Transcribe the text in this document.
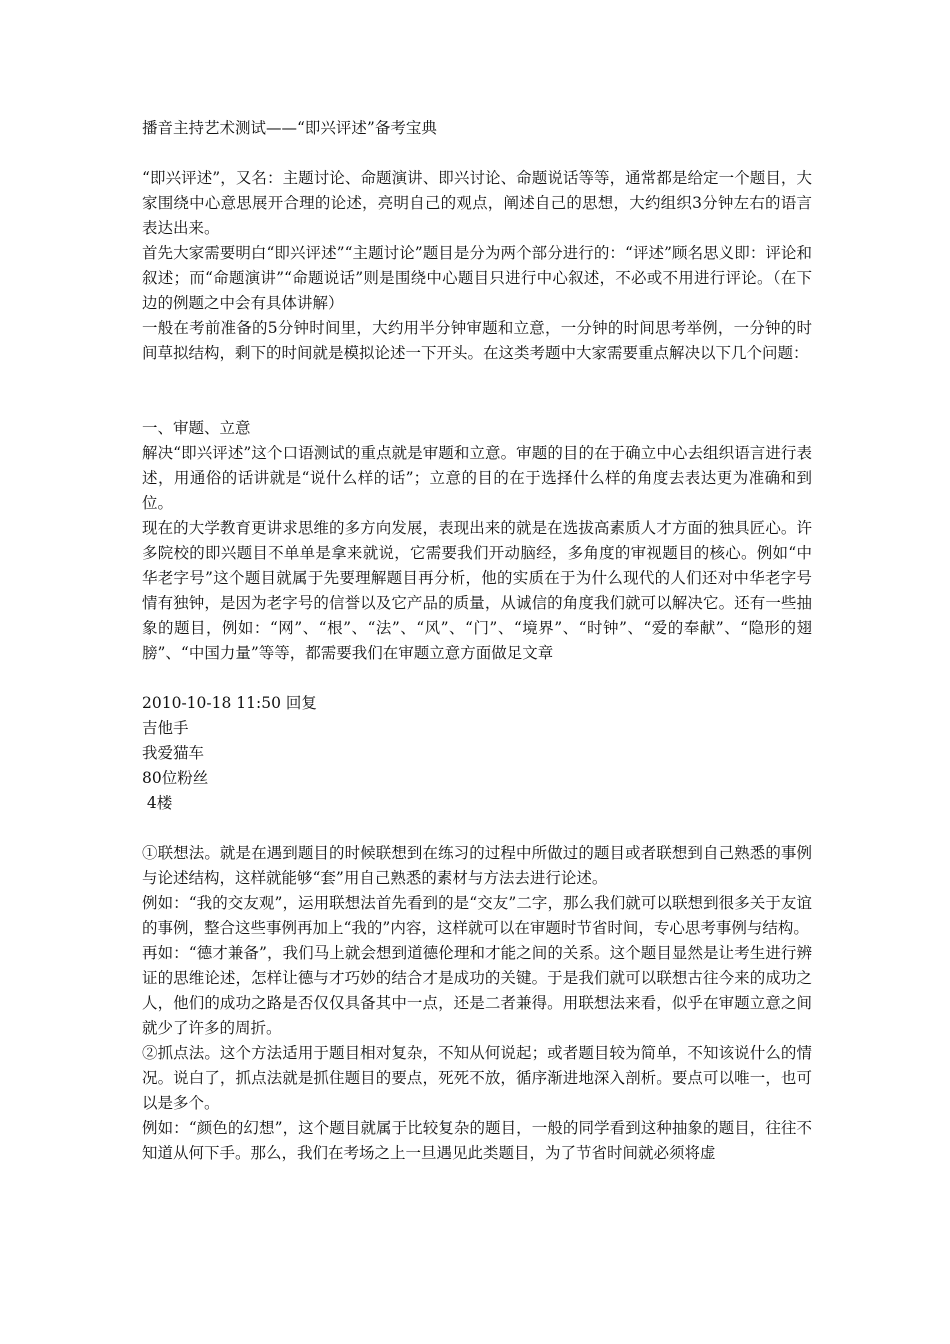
播音主持艺术测试——“即兴评述”备考宝典

“即兴评述”，又名：主题讨论、命题演讲、即兴讨论、命题说话等等，通常都是给定一个题目，大家围绕中心意思展开合理的论述，亮明自己的观点，阐述自己的思想，大约组织3分钟左右的语言表达出来。

首先大家需要明白“即兴评述”“主题讨论”题目是分为两个部分进行的：“评述”顾名思义即：评论和叙述；而“命题演讲”“命题说话”则是围绕中心题目只进行中心叙述，不必或不用进行评论。（在下边的例题之中会有具体讲解）

一般在考前准备的5分钟时间里，大约用半分钟审题和立意，一分钟的时间思考举例，一分钟的时间草拟结构，剩下的时间就是模拟论述一下开头。在这类考题中大家需要重点解决以下几个问题：

一、审题、立意

解决“即兴评述”这个口语测试的重点就是审题和立意。审题的目的在于确立中心去组织语言进行表述，用通俗的话讲就是“说什么样的话”；立意的目的在于选择什么样的角度去表达更为准确和到位。

现在的大学教育更讲求思维的多方向发展，表现出来的就是在选拔高素质人才方面的独具匠心。许多院校的即兴题目不单单是拿来就说，它需要我们开动脑经，多角度的审视题目的核心。例如“中华老字号”这个题目就属于先要理解题目再分析，他的实质在于为什么现代的人们还对中华老字号情有独钟，是因为老字号的信誉以及它产品的质量，从诚信的角度我们就可以解决它。还有一些抽象的题目，例如：“网”、“根”、“法”、“风”、“门”、“境界”、“时钟”、“爱的奉献”、“隐形的翅膀”、“中国力量”等等，都需要我们在审题立意方面做足文章

2010-10-18 11:50 回复

吉他手

我爱猫车

80位粉丝

4楼

①联想法。就是在遇到题目的时候联想到在练习的过程中所做过的题目或者联想到自己熟悉的事例与论述结构，这样就能够“套”用自己熟悉的素材与方法去进行论述。

例如：“我的交友观”，运用联想法首先看到的是“交友”二字，那么我们就可以联想到很多关于友谊的事例，整合这些事例再加上“我的”内容，这样就可以在审题时节省时间，专心思考事例与结构。

再如：“德才兼备”，我们马上就会想到道德伦理和才能之间的关系。这个题目显然是让考生进行辨证的思维论述，怎样让德与才巧妙的结合才是成功的关键。于是我们就可以联想古往今来的成功之人，他们的成功之路是否仅仅具备其中一点，还是二者兼得。用联想法来看，似乎在审题立意之间就少了许多的周折。

②抓点法。这个方法适用于题目相对复杂，不知从何说起；或者题目较为简单，不知该说什么的情况。说白了，抓点法就是抓住题目的要点，死死不放，循序渐进地深入剖析。要点可以唯一，也可以是多个。

例如：“颜色的幻想”，这个题目就属于比较复杂的题目，一般的同学看到这种抽象的题目，往往不知道从何下手。那么，我们在考场之上一旦遇见此类题目，为了节省时间就必须将虚
